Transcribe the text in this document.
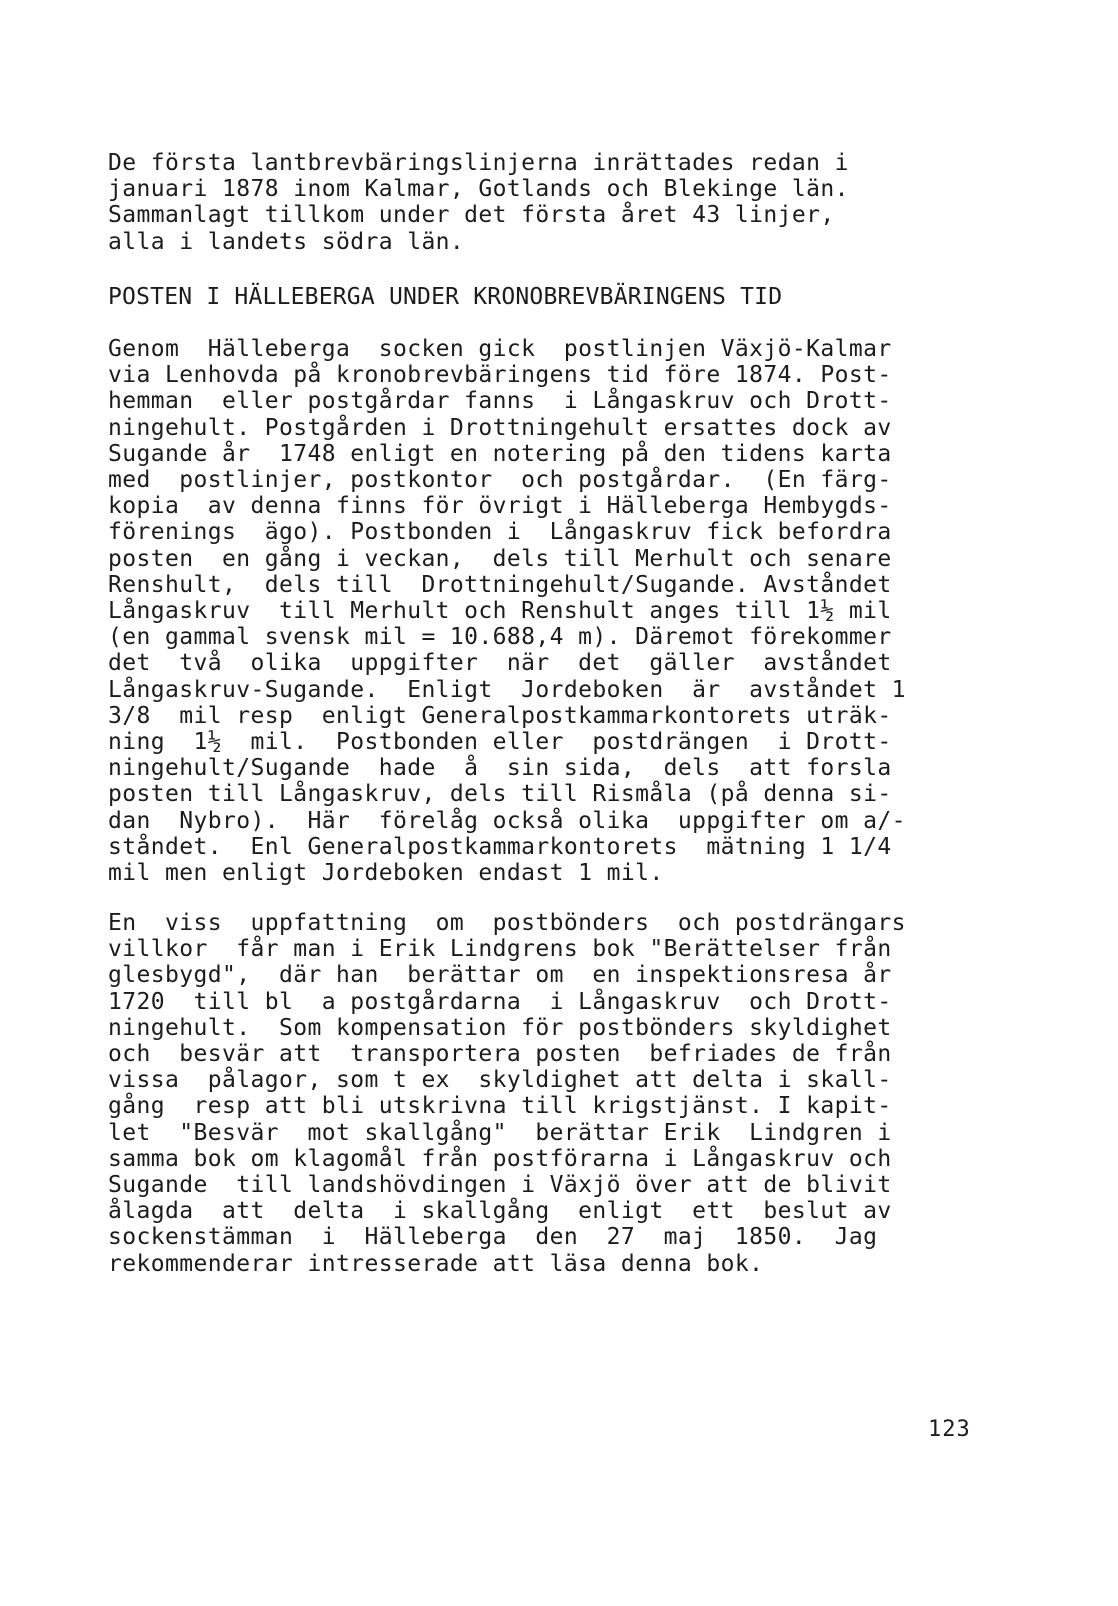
De första lantbrevbäringslinjerna inrättades redan i
januari 1878 inom Kalmar, Gotlands och Blekinge län.
Sammanlagt tillkom under det första året 43 linjer,
alla i landets södra län.
POSTEN I HÄLLEBERGA UNDER KRONOBREVBÄRINGENS TID
Genom  Hälleberga  socken gick  postlinjen Växjö-Kalmar
via Lenhovda på kronobrevbäringens tid före 1874. Post-
hemman  eller postgårdar fanns  i Långaskruv och Drott-
ningehult. Postgården i Drottningehult ersattes dock av
Sugande år  1748 enligt en notering på den tidens karta
med  postlinjer, postkontor  och postgårdar.  (En färg-
kopia  av denna finns för övrigt i Hälleberga Hembygds-
förenings  ägo). Postbonden i  Långaskruv fick befordra
posten  en gång i veckan,  dels till Merhult och senare
Renshult,  dels till  Drottningehult/Sugande. Avståndet
Långaskruv  till Merhult och Renshult anges till 1½ mil
(en gammal svensk mil = 10.688,4 m). Däremot förekommer
det  två  olika  uppgifter  när  det  gäller  avståndet
Långaskruv-Sugande.  Enligt  Jordeboken  är  avståndet 1
3/8  mil resp  enligt Generalpostkammarkontorets uträk-
ning  1½  mil.  Postbonden eller  postdrängen  i Drott-
ningehult/Sugande  hade  å  sin sida,  dels  att forsla
posten till Långaskruv, dels till Rismåla (på denna si-
dan  Nybro).  Här  förelåg också olika  uppgifter om a/-
ståndet.  Enl Generalpostkammarkontorets  mätning 1 1/4
mil men enligt Jordeboken endast 1 mil.
En  viss  uppfattning  om  postbönders  och postdrängars
villkor  får man i Erik Lindgrens bok "Berättelser från
glesbygd",  där han  berättar om  en inspektionsresa år
1720  till bl  a postgårdarna  i Långaskruv  och Drott-
ningehult.  Som kompensation för postbönders skyldighet
och  besvär att  transportera posten  befriades de från
vissa  pålagor, som t ex  skyldighet att delta i skall-
gång  resp att bli utskrivna till krigstjänst. I kapit-
let  "Besvär  mot skallgång"  berättar Erik  Lindgren i
samma bok om klagomål från postförarna i Långaskruv och
Sugande  till landshövdingen i Växjö över att de blivit
ålagda  att  delta  i skallgång  enligt  ett  beslut av
sockenstämman  i  Hälleberga  den  27  maj  1850.  Jag
rekommenderar intresserade att läsa denna bok.
123
